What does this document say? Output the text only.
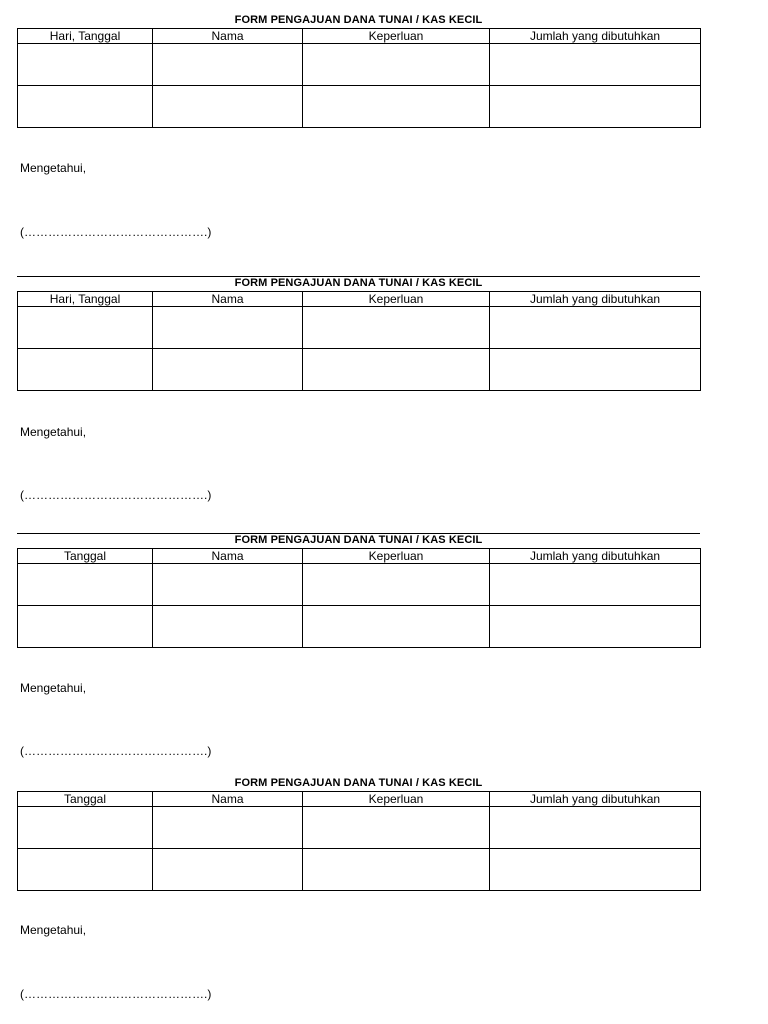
FORM PENGAJUAN DANA TUNAI / KAS KECIL
Hari, Tanggal	Nama	Keperluan	Jumlah yang dibutuhkan

Mengetahui,
(……………………………………….)
FORM PENGAJUAN DANA TUNAI / KAS KECIL
Hari, Tanggal	Nama	Keperluan	Jumlah yang dibutuhkan

Mengetahui,
(……………………………………….)
FORM PENGAJUAN DANA TUNAI / KAS KECIL
Tanggal	Nama	Keperluan	Jumlah yang dibutuhkan

Mengetahui,
(……………………………………….)
FORM PENGAJUAN DANA TUNAI / KAS KECIL
Tanggal	Nama	Keperluan	Jumlah yang dibutuhkan

Mengetahui,
(……………………………………….)
